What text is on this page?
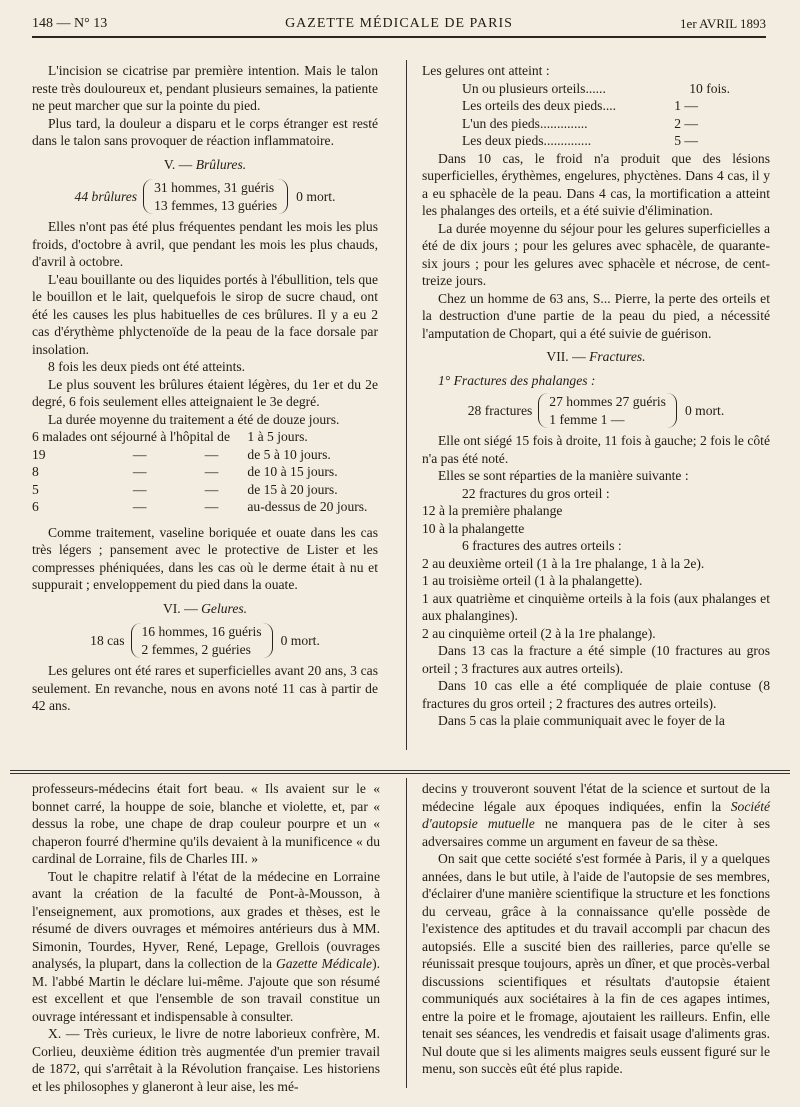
148 — N° 13	GAZETTE MÉDICALE DE PARIS	1er AVRIL 1893

L'incision se cicatrise par première intention. Mais le talon reste très douloureux et, pendant plusieurs semaines, la patiente ne peut marcher que sur la pointe du pied.

Plus tard, la douleur a disparu et le corps étranger est resté dans le talon sans provoquer de réaction inflammatoire.

V. — Brûlures.
44 brûlures
31 hommes, 31 guéris
13 femmes, 13 guéries
0 mort.

Elles n'ont pas été plus fréquentes pendant les mois les plus froids, d'octobre à avril, que pendant les mois les plus chauds, d'avril à octobre.

L'eau bouillante ou des liquides portés à l'ébullition, tels que le bouillon et le lait, quelquefois le sirop de sucre chaud, ont été les causes les plus habituelles de ces brûlures. Il y a eu 2 cas d'érythème phlyctenoïde de la peau de la face dorsale par insolation.

8 fois les deux pieds ont été atteints.

Le plus souvent les brûlures étaient légères, du 1er et du 2e degré, 6 fois seulement elles atteignaient le 3e degré.

La durée moyenne du traitement a été de douze jours.

6 malades ont séjourné à l'hôpital de			1 à 5 jours.
19	—	—	de 5 à 10 jours.
8	—	—	de 10 à 15 jours.
5	—	—	de 15 à 20 jours.
6	—	—	au-dessus de 20 jours.

Comme traitement, vaseline boriquée et ouate dans les cas très légers ; pansement avec le protective de Lister et les compresses phéniquées, dans les cas où le derme était à nu et suppurait ; enveloppement du pied dans la ouate.

VI. — Gelures.
18 cas
16 hommes, 16 guéris
2 femmes, 2 guéries
0 mort.

Les gelures ont été rares et superficielles avant 20 ans, 3 cas seulement. En revanche, nous en avons noté 11 cas à partir de 42 ans.

Les gelures ont atteint :

Un ou plusieurs orteils......	10 fois.
Les orteils des deux pieds....	1 —
L'un des pieds..............	2 —
Les deux pieds..............	5 —

Dans 10 cas, le froid n'a produit que des lésions superficielles, érythèmes, engelures, phyctènes. Dans 4 cas, il y a eu sphacèle de la peau. Dans 4 cas, la mortification a atteint les phalanges des orteils, et a été suivie d'élimination.

La durée moyenne du séjour pour les gelures superficielles a été de dix jours ; pour les gelures avec sphacèle, de quarante-six jours ; pour les gelures avec sphacèle et nécrose, de cent-treize jours.

Chez un homme de 63 ans, S... Pierre, la perte des orteils et la destruction d'une partie de la peau du pied, a nécessité l'amputation de Chopart, qui a été suivie de guérison.

VII. — Fractures.

1° Fractures des phalanges :

28 fractures
27 hommes 27 guéris
1 femme 1 —
0 mort.

Elle ont siégé 15 fois à droite, 11 fois à gauche; 2 fois le côté n'a pas été noté.

Elles se sont réparties de la manière suivante :

22 fractures du gros orteil :
12 à la première phalange
10 à la phalangette
6 fractures des autres orteils :
2 au deuxième orteil (1 à la 1re phalange, 1 à la 2e).
1 au troisième orteil (1 à la phalangette).
1 aux quatrième et cinquième orteils à la fois (aux phalanges et aux phalangines).
2 au cinquième orteil (2 à la 1re phalange).

Dans 13 cas la fracture a été simple (10 fractures au gros orteil ; 3 fractures aux autres orteils).

Dans 10 cas elle a été compliquée de plaie contuse (8 fractures du gros orteil ; 2 fractures des autres orteils).

Dans 5 cas la plaie communiquait avec le foyer de la

professeurs-médecins était fort beau. « Ils avaient sur le « bonnet carré, la houppe de soie, blanche et violette, et, par « dessus la robe, une chape de drap couleur pourpre et un « chaperon fourré d'hermine qu'ils devaient à la munificence « du cardinal de Lorraine, fils de Charles III. »

Tout le chapitre relatif à l'état de la médecine en Lorraine avant la création de la faculté de Pont-à-Mousson, à l'enseignement, aux promotions, aux grades et thèses, est le résumé de divers ouvrages et mémoires antérieurs dus à MM. Simonin, Tourdes, Hyver, René, Lepage, Grellois (ouvrages analysés, la plupart, dans la collection de la Gazette Médicale). M. l'abbé Martin le déclare lui-même. J'ajoute que son résumé est excellent et que l'ensemble de son travail constitue un ouvrage intéressant et indispensable à consulter.

X. — Très curieux, le livre de notre laborieux confrère, M. Corlieu, deuxième édition très augmentée d'un premier travail de 1872, qui s'arrêtait à la Révolution française. Les historiens et les philosophes y glaneront à leur aise, les mé-

decins y trouveront souvent l'état de la science et surtout de la médecine légale aux époques indiquées, enfin la Société d'autopsie mutuelle ne manquera pas de le citer à ses adversaires comme un argument en faveur de sa thèse.

On sait que cette société s'est formée à Paris, il y a quelques années, dans le but utile, à l'aide de l'autopsie de ses membres, d'éclairer d'une manière scientifique la structure et les fonctions du cerveau, grâce à la connaissance qu'elle possède de l'existence des aptitudes et du travail accompli par chacun des autopsiés. Elle a suscité bien des railleries, parce qu'elle se réunissait presque toujours, après un dîner, et que procès-verbal discussions scientifiques et résultats d'autopsie étaient communiqués aux sociétaires à la fin de ces agapes intimes, entre la poire et le fromage, ajoutaient les railleurs. Enfin, elle tenait ses séances, les vendredis et faisait usage d'aliments gras. Nul doute que si les aliments maigres seuls eussent figuré sur le menu, son succès eût été plus rapide.
